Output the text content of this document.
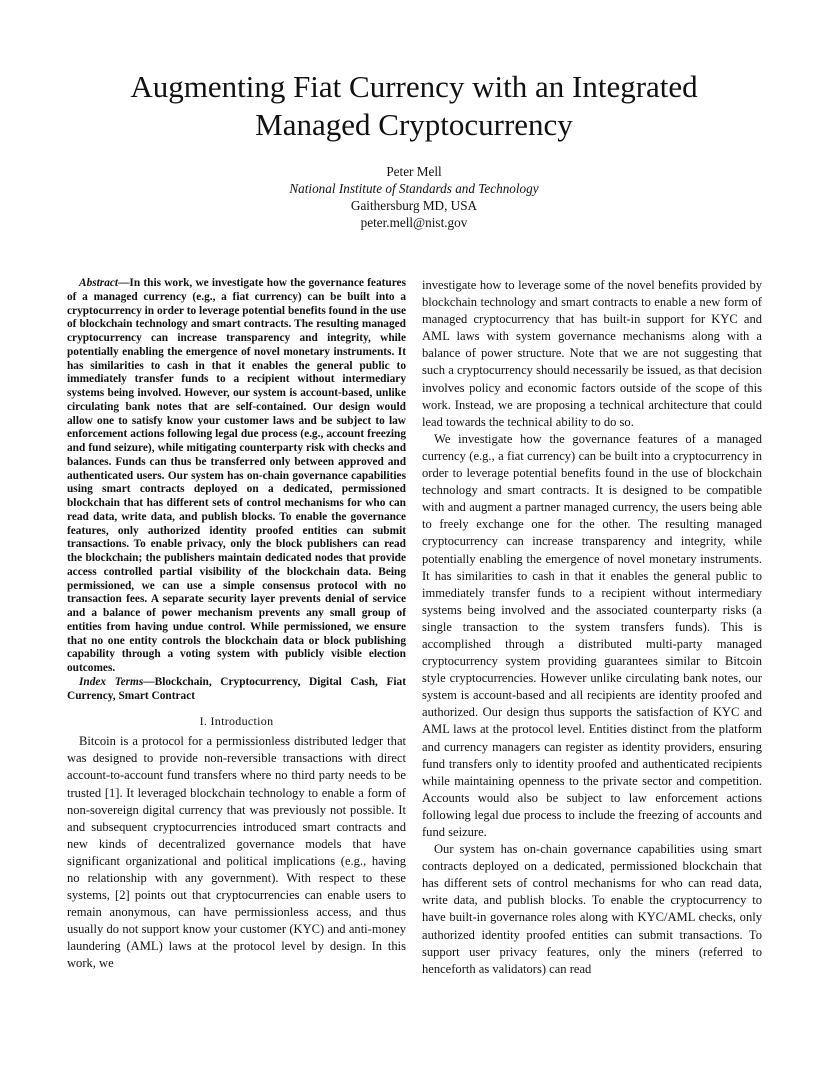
Augmenting Fiat Currency with an Integrated
Managed Cryptocurrency
Peter Mell
National Institute of Standards and Technology
Gaithersburg MD, USA
peter.mell@nist.gov

Abstract—In this work, we investigate how the governance features of a managed currency (e.g., a fiat currency) can be built into a cryptocurrency in order to leverage potential benefits found in the use of blockchain technology and smart contracts. The resulting managed cryptocurrency can increase transparency and integrity, while potentially enabling the emergence of novel monetary instruments. It has similarities to cash in that it enables the general public to immediately transfer funds to a recipient without intermediary systems being involved. However, our system is account-based, unlike circulating bank notes that are self-contained. Our design would allow one to satisfy know your customer laws and be subject to law enforcement actions following legal due process (e.g., account freezing and fund seizure), while mitigating counterparty risk with checks and balances. Funds can thus be transferred only between approved and authenticated users. Our system has on-chain governance capabilities using smart contracts deployed on a dedicated, permissioned blockchain that has different sets of control mechanisms for who can read data, write data, and publish blocks. To enable the governance features, only authorized identity proofed entities can submit transactions. To enable privacy, only the block publishers can read the blockchain; the publishers maintain dedicated nodes that provide access controlled partial visibility of the blockchain data. Being permissioned, we can use a simple consensus protocol with no transaction fees. A separate security layer prevents denial of service and a balance of power mechanism prevents any small group of entities from having undue control. While permissioned, we ensure that no one entity controls the blockchain data or block publishing capability through a voting system with publicly visible election outcomes.

Index Terms—Blockchain, Cryptocurrency, Digital Cash, Fiat Currency, Smart Contract

I. Introduction

Bitcoin is a protocol for a permissionless distributed ledger that was designed to provide non-reversible transactions with direct account-to-account fund transfers where no third party needs to be trusted [1]. It leveraged blockchain technology to enable a form of non-sovereign digital currency that was previously not possible. It and subsequent cryptocurrencies introduced smart contracts and new kinds of decentralized governance models that have significant organizational and political implications (e.g., having no relationship with any government). With respect to these systems, [2] points out that cryptocurrencies can enable users to remain anonymous, can have permissionless access, and thus usually do not support know your customer (KYC) and anti-money laundering (AML) laws at the protocol level by design. In this work, we

investigate how to leverage some of the novel benefits provided by blockchain technology and smart contracts to enable a new form of managed cryptocurrency that has built-in support for KYC and AML laws with system governance mechanisms along with a balance of power structure. Note that we are not suggesting that such a cryptocurrency should necessarily be issued, as that decision involves policy and economic factors outside of the scope of this work. Instead, we are proposing a technical architecture that could lead towards the technical ability to do so.

We investigate how the governance features of a managed currency (e.g., a fiat currency) can be built into a cryptocurrency in order to leverage potential benefits found in the use of blockchain technology and smart contracts. It is designed to be compatible with and augment a partner managed currency, the users being able to freely exchange one for the other. The resulting managed cryptocurrency can increase transparency and integrity, while potentially enabling the emergence of novel monetary instruments. It has similarities to cash in that it enables the general public to immediately transfer funds to a recipient without intermediary systems being involved and the associated counterparty risks (a single transaction to the system transfers funds). This is accomplished through a distributed multi-party managed cryptocurrency system providing guarantees similar to Bitcoin style cryptocurrencies. However unlike circulating bank notes, our system is account-based and all recipients are identity proofed and authorized. Our design thus supports the satisfaction of KYC and AML laws at the protocol level. Entities distinct from the platform and currency managers can register as identity providers, ensuring fund transfers only to identity proofed and authenticated recipients while maintaining openness to the private sector and competition. Accounts would also be subject to law enforcement actions following legal due process to include the freezing of accounts and fund seizure.

Our system has on-chain governance capabilities using smart contracts deployed on a dedicated, permissioned blockchain that has different sets of control mechanisms for who can read data, write data, and publish blocks. To enable the cryptocurrency to have built-in governance roles along with KYC/AML checks, only authorized identity proofed entities can submit transactions. To support user privacy features, only the miners (referred to henceforth as validators) can read
